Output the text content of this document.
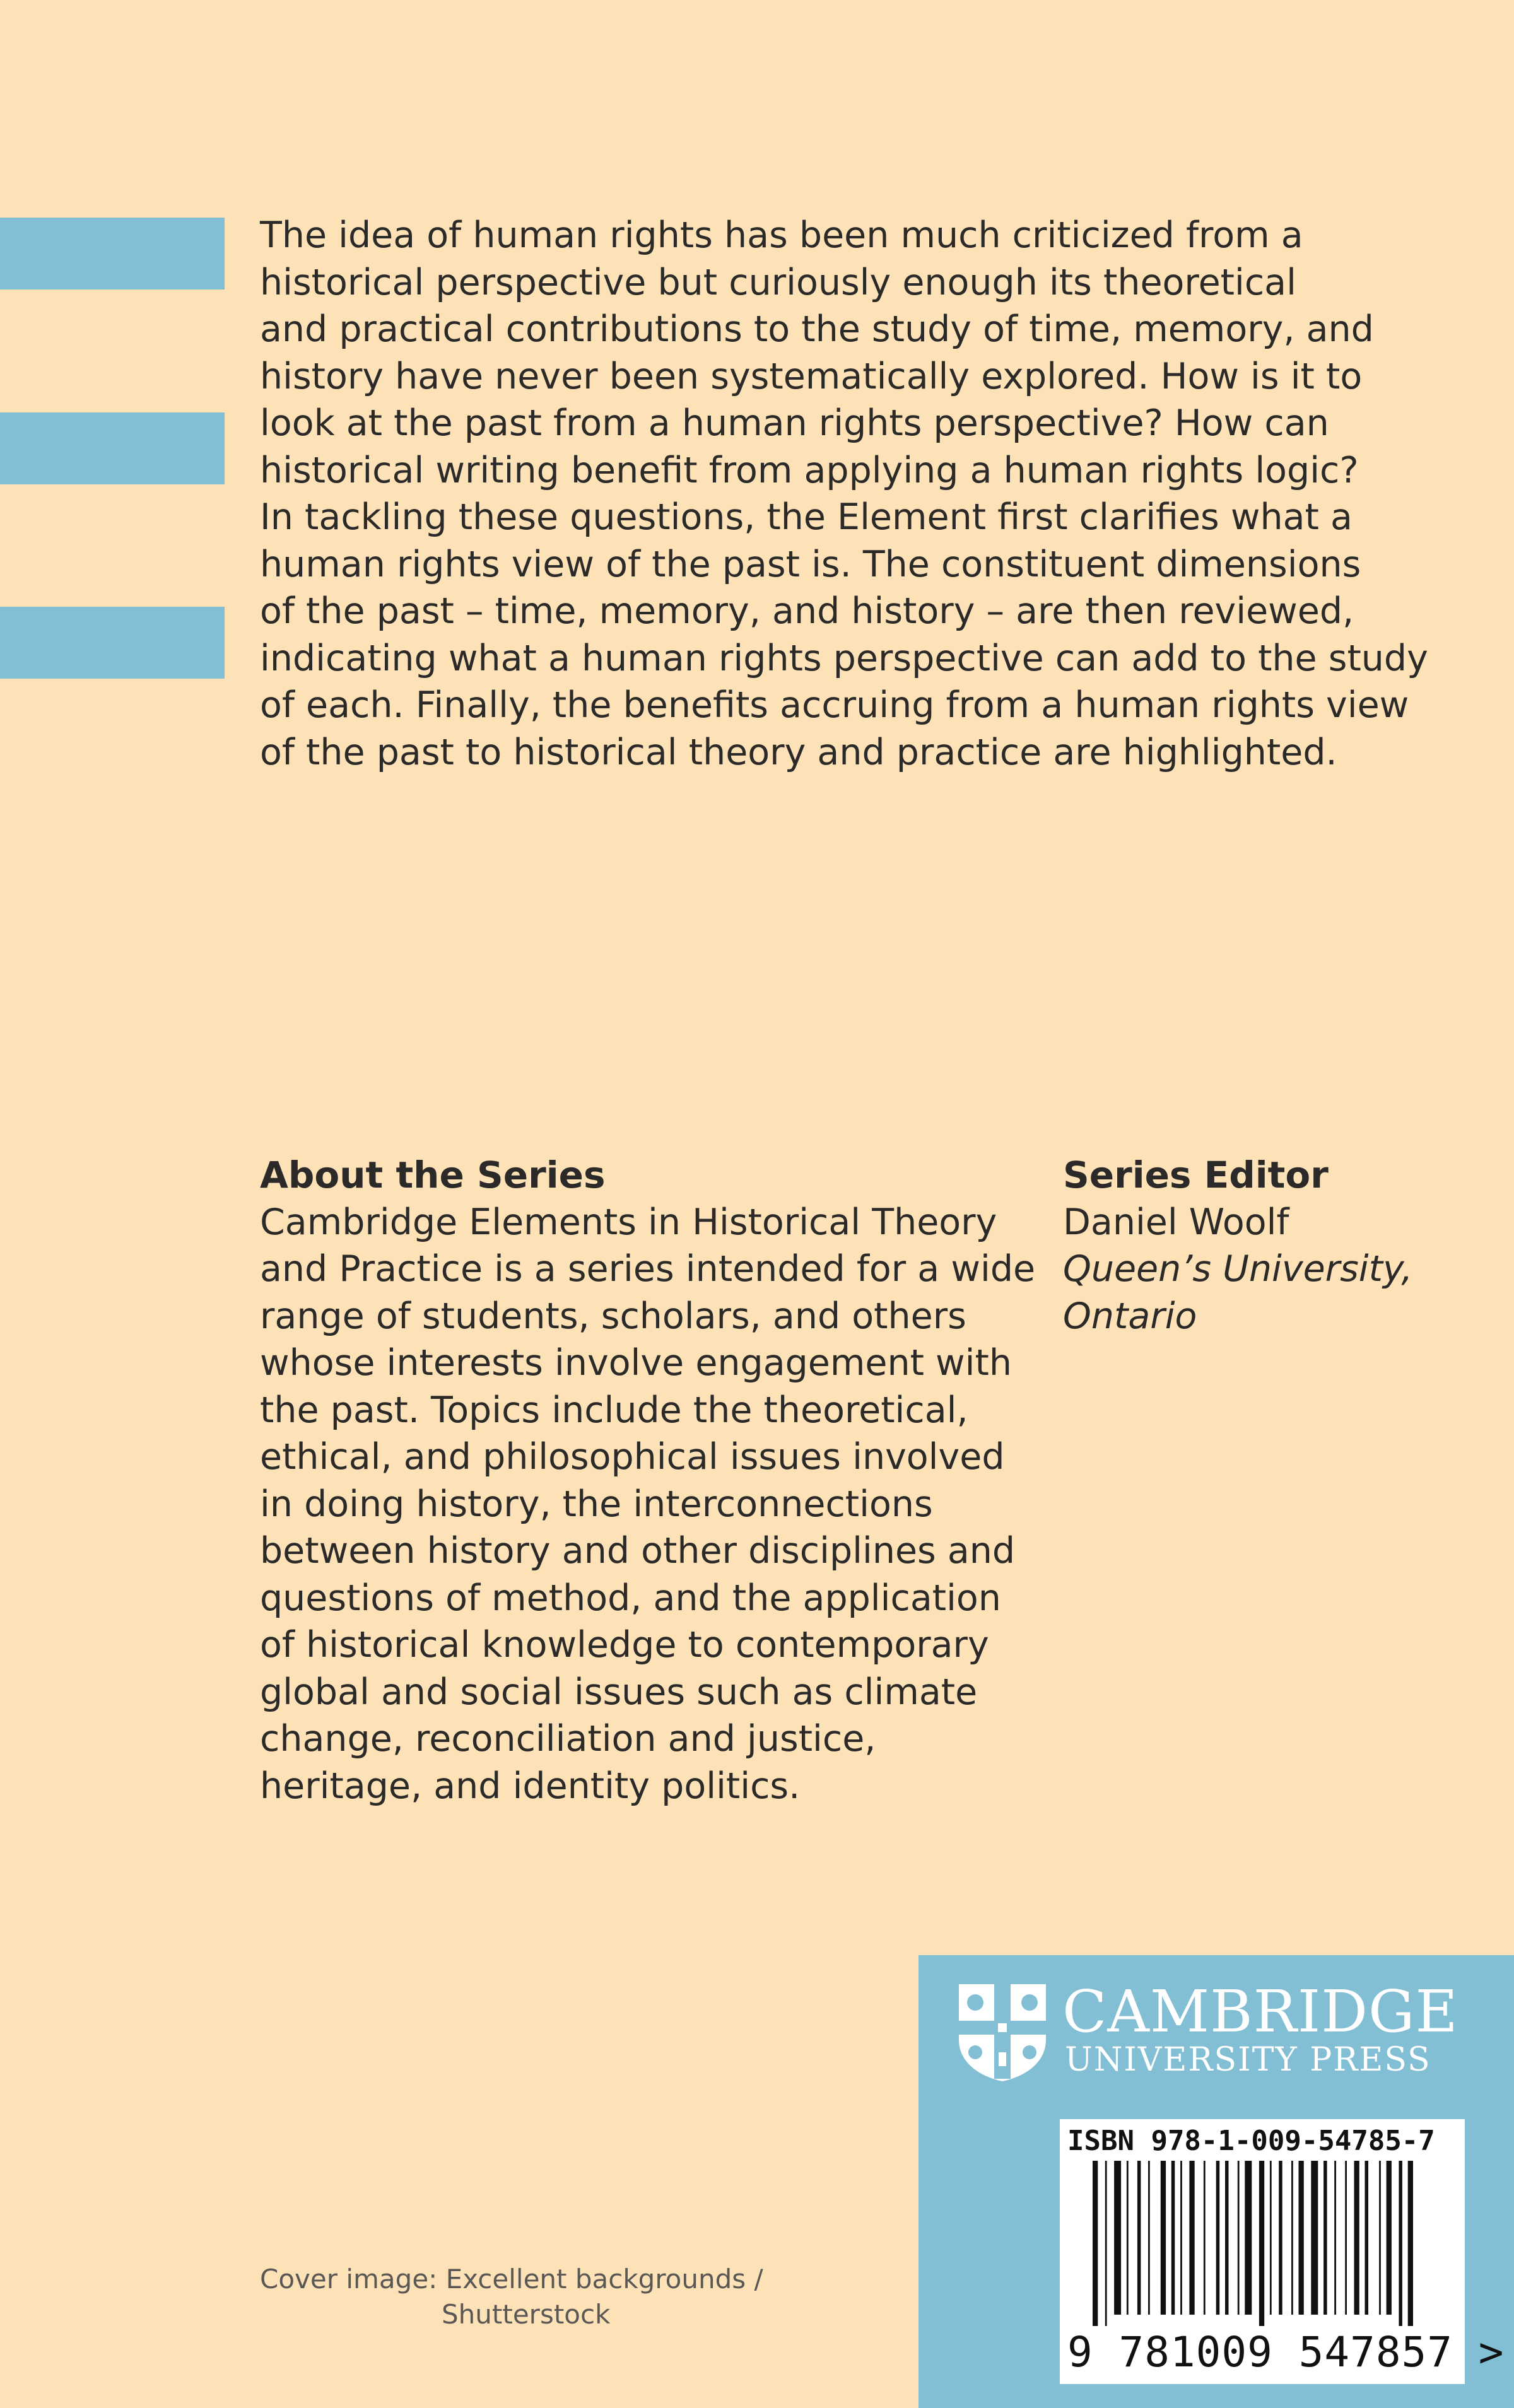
The idea of human rights has been much criticized from a
historical perspective but curiously enough its theoretical
and practical contributions to the study of time, memory, and
history have never been systematically explored. How is it to
look at the past from a human rights perspective? How can
historical writing benefit from applying a human rights logic?
In tackling these questions, the Element first clarifies what a
human rights view of the past is. The constituent dimensions
of the past – time, memory, and history – are then reviewed,
indicating what a human rights perspective can add to the study
of each. Finally, the benefits accruing from a human rights view
of the past to historical theory and practice are highlighted.
About the Series
Cambridge Elements in Historical Theory
and Practice is a series intended for a wide
range of students, scholars, and others
whose interests involve engagement with
the past. Topics include the theoretical,
ethical, and philosophical issues involved
in doing history, the interconnections
between history and other disciplines and
questions of method, and the application
of historical knowledge to contemporary
global and social issues such as climate
change, reconciliation and justice,
heritage, and identity politics.
Series Editor
Daniel Woolf
Queen’s University,
Ontario
Cover image: Excellent backgrounds /
Shutterstock
CAMBRIDGE
UNIVERSITY PRESS
ISBN 978-1-009-54785-7
9 781009 547857 >
